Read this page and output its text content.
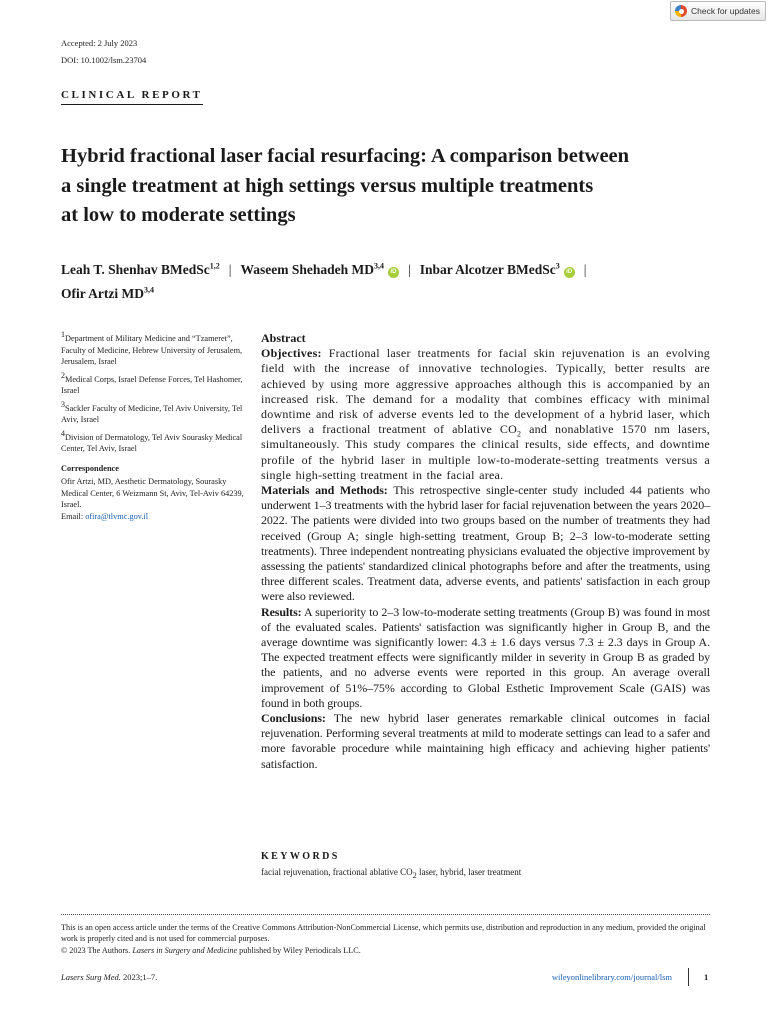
Check for updates
Accepted: 2 July 2023
DOI: 10.1002/lsm.23704
CLINICAL REPORT
Hybrid fractional laser facial resurfacing: A comparison between
a single treatment at high settings versus multiple treatments
at low to moderate settings
Leah T. Shenhav BMedSc$^{1,2}$ | Waseem Shehadeh MD$^{3,4}$iD | Inbar Alcotzer BMedSc$^3$iD |
Ofir Artzi MD$^{3,4}$
$^1$Department of Military Medicine and “Tzameret”, Faculty of Medicine, Hebrew University of Jerusalem, Jerusalem, Israel
$^2$Medical Corps, Israel Defense Forces, Tel Hashomer, Israel
$^3$Sackler Faculty of Medicine, Tel Aviv University, Tel Aviv, Israel
$^4$Division of Dermatology, Tel Aviv Sourasky Medical Center, Tel Aviv, Israel
Correspondence
Ofir Artzi, MD, Aesthetic Dermatology, Sourasky Medical Center, 6 Weizmann St, Aviv, Tel-Aviv 64239, Israel.
Email: ofira@tlvmc.gov.il
Abstract

Objectives: Fractional laser treatments for facial skin rejuvenation is an evolving field with the increase of innovative technologies. Typically, better results are achieved by using more aggressive approaches although this is accompanied by an increased risk. The demand for a modality that combines efficacy with minimal downtime and risk of adverse events led to the development of a hybrid laser, which delivers a fractional treatment of ablative $CO_2$ and nonablative 1570 nm lasers, simultaneously. This study compares the clinical results, side effects, and downtime profile of the hybrid laser in multiple low-to-moderate-setting treatments versus a single high-setting treatment in the facial area.

Materials and Methods: This retrospective single-center study included 44 patients who underwent 1–3 treatments with the hybrid laser for facial rejuvenation between the years 2020–2022. The patients were divided into two groups based on the number of treatments they had received (Group A; single high-setting treatment, Group B; 2–3 low-to-moderate setting treatments). Three independent nontreating physicians evaluated the objective improvement by assessing the patients' standardized clinical photographs before and after the treatments, using three different scales. Treatment data, adverse events, and patients' satisfaction in each group were also reviewed.

Results: A superiority to 2–3 low-to-moderate setting treatments (Group B) was found in most of the evaluated scales. Patients' satisfaction was significantly higher in Group B, and the average downtime was significantly lower: 4.3 ± 1.6 days versus 7.3 ± 2.3 days in Group A. The expected treatment effects were significantly milder in severity in Group B as graded by the patients, and no adverse events were reported in this group. An average overall improvement of 51%–75% according to Global Esthetic Improvement Scale (GAIS) was found in both groups.

Conclusions: The new hybrid laser generates remarkable clinical outcomes in facial rejuvenation. Performing several treatments at mild to moderate settings can lead to a safer and more favorable procedure while maintaining high efficacy and achieving higher patients' satisfaction.

KEYWORDS
facial rejuvenation, fractional ablative $CO_2$ laser, hybrid, laser treatment
This is an open access article under the terms of the Creative Commons Attribution-NonCommercial License, which permits use, distribution and reproduction in any medium, provided the original work is properly cited and is not used for commercial purposes.
© 2023 The Authors. Lasers in Surgery and Medicine published by Wiley Periodicals LLC.
Lasers Surg Med. 2023;1–7.	wileyonlinelibrary.com/journal/lsm	1
